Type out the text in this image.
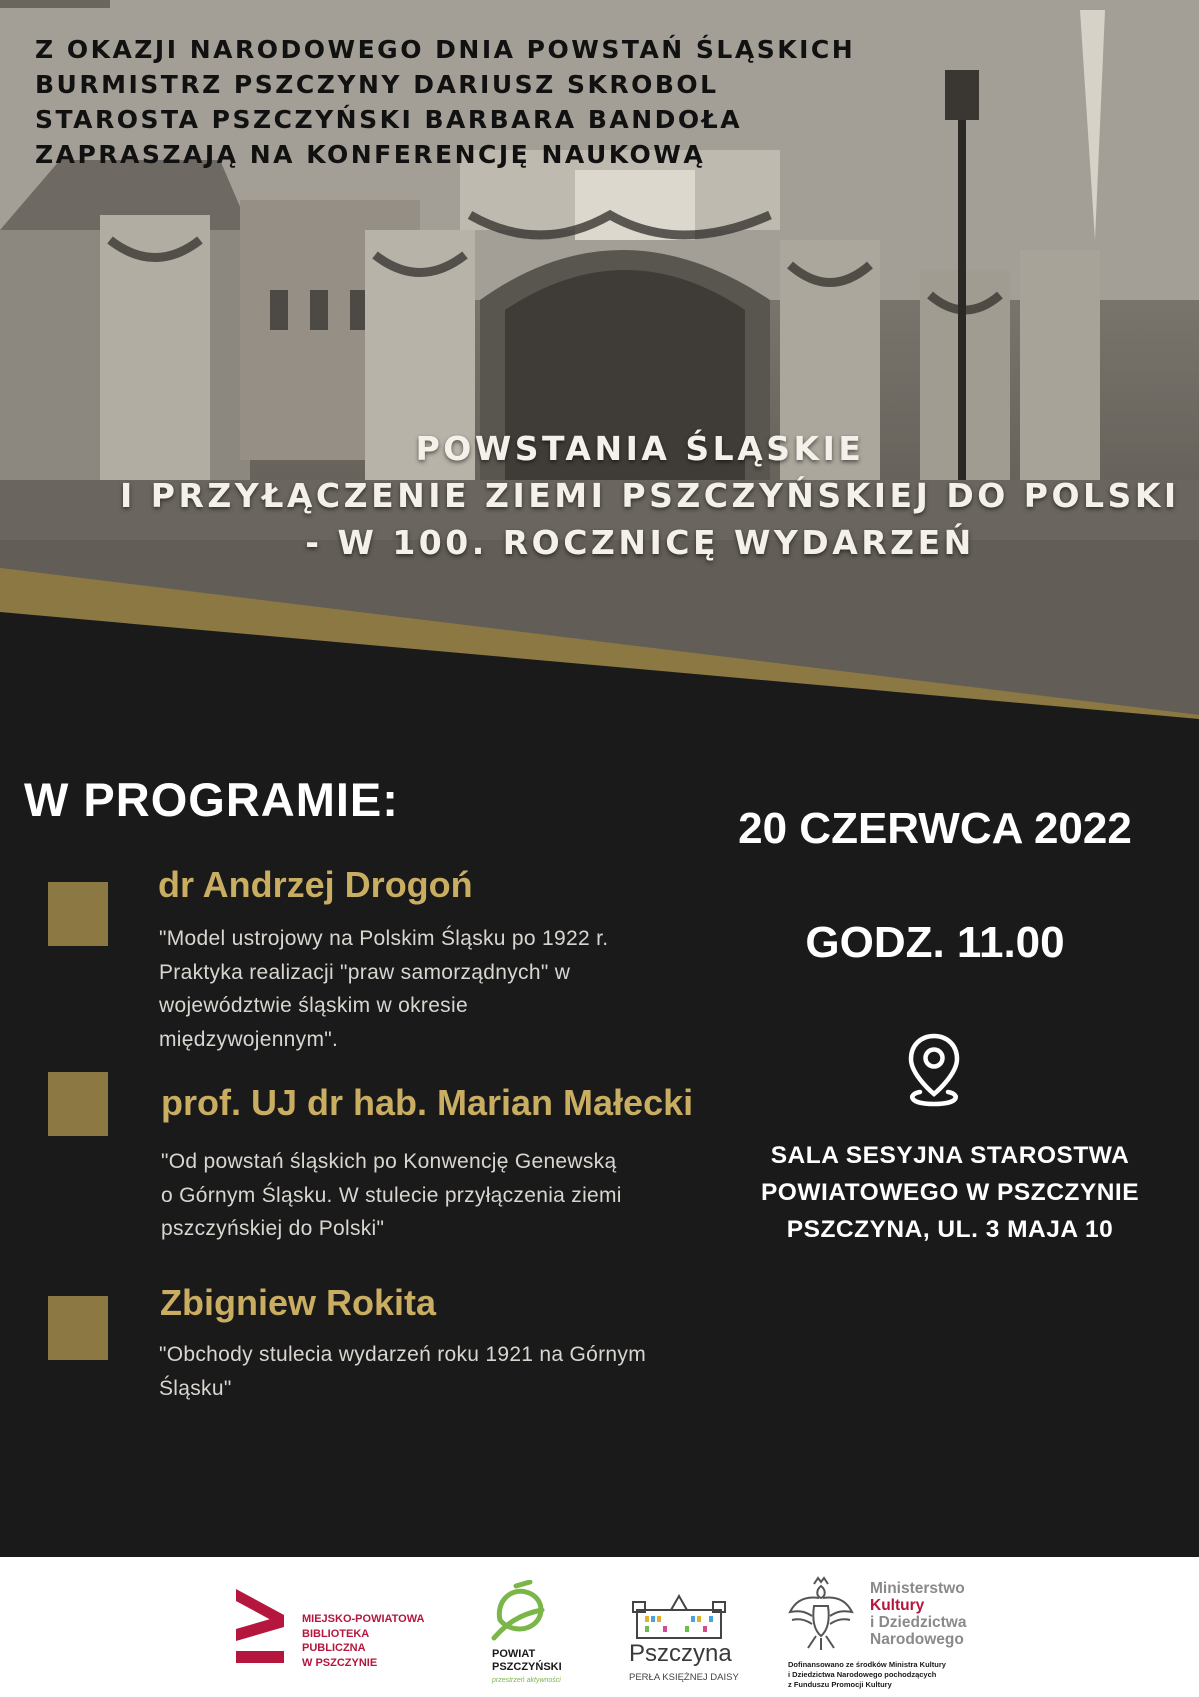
Z OKAZJI NARODOWEGO DNIA POWSTAŃ ŚLĄSKICH
BURMISTRZ PSZCZYNY DARIUSZ SKROBOL
STAROSTA PSZCZYŃSKI BARBARA BANDOŁA
ZAPRASZAJĄ NA KONFERENCJĘ NAUKOWĄ
POWSTANIA ŚLĄSKIE
I PRZYŁĄCZENIE ZIEMI PSZCZYŃSKIEJ DO POLSKI
- W 100. ROCZNICĘ WYDARZEŃ
W PROGRAMIE:
dr Andrzej Drogoń
"Model ustrojowy na Polskim Śląsku po 1922 r.
Praktyka realizacji "praw samorządnych" w
województwie śląskim w okresie
międzywojennym".
prof. UJ dr hab. Marian Małecki
"Od powstań śląskich po Konwencję Genewską
o Górnym Śląsku. W stulecie przyłączenia ziemi
pszczyńskiej do Polski"
Zbigniew Rokita
"Obchody stulecia wydarzeń roku 1921 na Górnym
Śląsku"
20 CZERWCA 2022
GODZ. 11.00
SALA SESYJNA STAROSTWA
POWIATOWEGO W PSZCZYNIE
PSZCZYNA, UL. 3 MAJA 10
MIEJSKO-POWIATOWA
BIBLIOTEKA
PUBLICZNA
W PSZCZYNIE
POWIAT PSZCZYŃSKI
przestrzeń aktywności
Pszczyna
PERŁA KSIĘŻNEJ DAISY
Ministerstwo
Kultury
i Dziedzictwa
Narodowego
Dofinansowano ze środków Ministra Kultury
i Dziedzictwa Narodowego pochodzących
z Funduszu Promocji Kultury
